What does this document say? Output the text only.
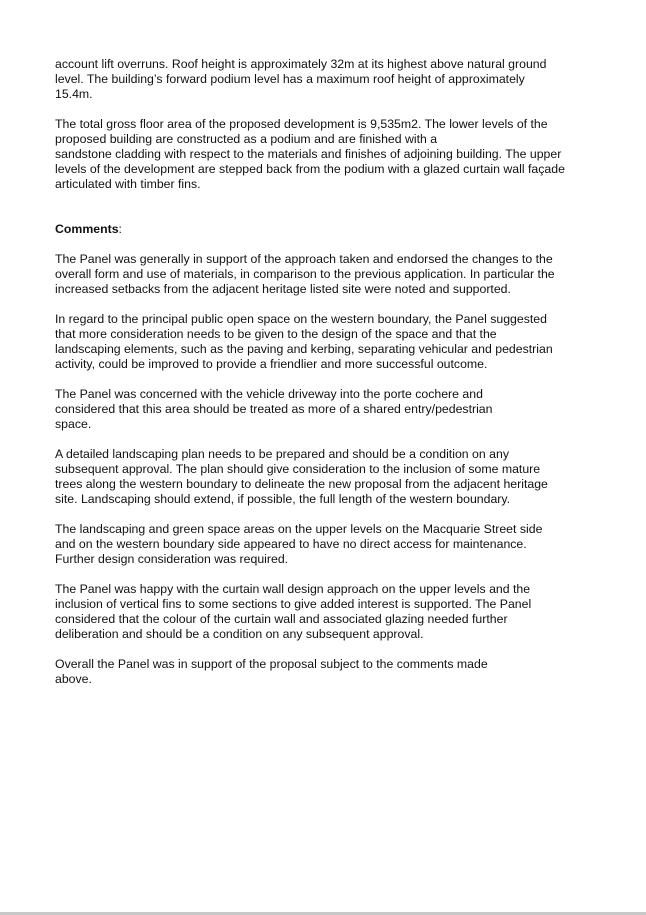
account lift overruns. Roof height is approximately 32m at its highest above natural ground
level. The building’s forward podium level has a maximum roof height of approximately
15.4m.

The total gross floor area of the proposed development is 9,535m2. The lower levels of the
proposed building are constructed as a podium and are finished with a
sandstone cladding with respect to the materials and finishes of adjoining building. The upper
levels of the development are stepped back from the podium with a glazed curtain wall façade
articulated with timber fins.

Comments:

The Panel was generally in support of the approach taken and endorsed the changes to the
overall form and use of materials, in comparison to the previous application. In particular the
increased setbacks from the adjacent heritage listed site were noted and supported.

In regard to the principal public open space on the western boundary, the Panel suggested
that more consideration needs to be given to the design of the space and that the
landscaping elements, such as the paving and kerbing, separating vehicular and pedestrian
activity, could be improved to provide a friendlier and more successful outcome.

The Panel was concerned with the vehicle driveway into the porte cochere and
considered that this area should be treated as more of a shared entry/pedestrian
space.

A detailed landscaping plan needs to be prepared and should be a condition on any
subsequent approval. The plan should give consideration to the inclusion of some mature
trees along the western boundary to delineate the new proposal from the adjacent heritage
site. Landscaping should extend, if possible, the full length of the western boundary.

The landscaping and green space areas on the upper levels on the Macquarie Street side
and on the western boundary side appeared to have no direct access for maintenance.
Further design consideration was required.

The Panel was happy with the curtain wall design approach on the upper levels and the
inclusion of vertical fins to some sections to give added interest is supported. The Panel
considered that the colour of the curtain wall and associated glazing needed further
deliberation and should be a condition on any subsequent approval.

Overall the Panel was in support of the proposal subject to the comments made
above.
